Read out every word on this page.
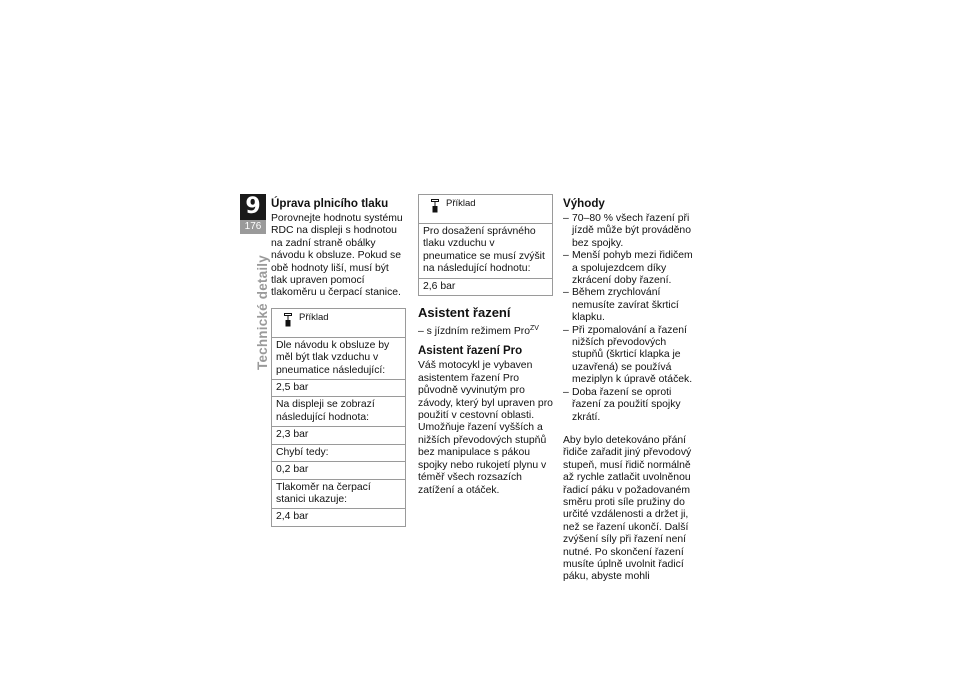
9
176
Technické detaily
Úprava plnicího tlaku

Porovnejte hodnotu systému RDC na displeji s hodnotou na zadní straně obálky návodu k obsluze. Pokud se obě hodnoty liší, musí být tlak upraven pomocí tlakoměru u čerpací stanice.

Příklad
Dle návodu k obsluze by měl být tlak vzduchu v pneumatice následující:
2,5 bar
Na displeji se zobrazí následující hodnota:
2,3 bar
Chybí tedy:
0,2 bar
Tlakoměr na čerpací stanici ukazuje:
2,4 bar
Příklad
Pro dosažení správného tlaku vzduchu v pneumatice se musí zvýšit na následující hodnotu:
2,6 bar
Asistent řazení

– s jízdním režimem Pro$^{ZV}$

Asistent řazení Pro

Váš motocykl je vybaven asistentem řazení Pro původně vyvinutým pro závody, který byl upraven pro použití v cestovní oblasti. Umožňuje řazení vyšších a nižších převodových stupňů bez manipulace s pákou spojky nebo rukojetí plynu v téměř všech rozsazích zatížení a otáček.

Výhody
– 70–80 % všech řazení při jízdě může být prováděno bez spojky.
– Menší pohyb mezi řidičem a spolujezdcem díky zkrácení doby řazení.
– Během zrychlování nemusíte zavírat škrticí klapku.
– Při zpomalování a řazení nižších převodových stupňů (škrticí klapka je uzavřená) se používá meziplyn k úpravě otáček.
– Doba řazení se oproti řazení za použití spojky zkrátí.

Aby bylo detekováno přání řidiče zařadit jiný převodový stupeň, musí řidič normálně až rychle zatlačit uvolněnou řadicí páku v požadovaném směru proti síle pružiny do určité vzdálenosti a držet ji, než se řazení ukončí. Další zvýšení síly při řazení není nutné. Po skončení řazení musíte úplně uvolnit řadicí páku, abyste mohli
